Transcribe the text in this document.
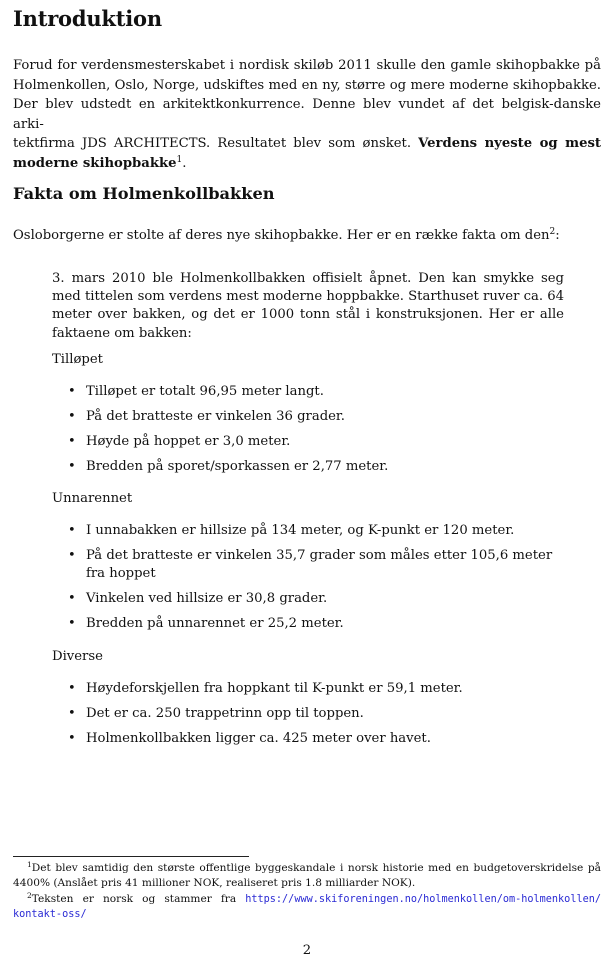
Introduktion

Forud for verdensmesterskabet i nordisk skiløb 2011 skulle den gamle skihopbakke på Holmenkollen, Oslo, Norge, udskiftes med en ny, større og mere moderne skihopbakke. Der blev udstedt en arkitektkonkurrence. Denne blev vundet af det belgisk-danske arki-
tektfirma JDS ARCHITECTS. Resultatet blev som ønsket. Verdens nyeste og mest moderne skihopbakke$^1$.

Fakta om Holmenkollbakken

Osloborgerne er stolte af deres nye skihopbakke. Her er en række fakta om den$^2$:

3. mars 2010 ble Holmenkollbakken offisielt åpnet. Den kan smykke seg med tittelen som verdens mest moderne hoppbakke. Starthuset ruver ca. 64 meter over bakken, og det er 1000 tonn stål i konstruksjonen. Her er alle faktaene om bakken:

Tilløpet
• Tilløpet er totalt 96,95 meter langt.
• På det bratteste er vinkelen 36 grader.
• Høyde på hoppet er 3,0 meter.
• Bredden på sporet/sporkassen er 2,77 meter.
Unnarennet
• I unnabakken er hillsize på 134 meter, og K-punkt er 120 meter.
• På det bratteste er vinkelen 35,7 grader som måles etter 105,6 meter fra hoppet
• Vinkelen ved hillsize er 30,8 grader.
• Bredden på unnarennet er 25,2 meter.
Diverse
• Høydeforskjellen fra hoppkant til K-punkt er 59,1 meter.
• Det er ca. 250 trappetrinn opp til toppen.
• Holmenkollbakken ligger ca. 425 meter over havet.

$^1$Det blev samtidig den største offentlige byggeskandale i norsk historie med en budgetoverskridelse på 4400% (Anslået pris 41 millioner NOK, realiseret pris 1.8 milliarder NOK).

$^2$Teksten er norsk og stammer fra https:/​/​www.skiforeningen.no/​holmenkollen/​om-holmenkollen/​kontakt-oss/​

2
